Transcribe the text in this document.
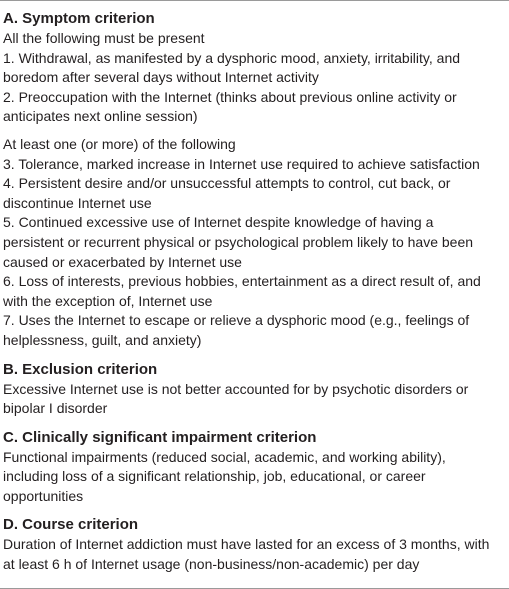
A. Symptom criterion

All the following must be present

1. Withdrawal, as manifested by a dysphoric mood, anxiety, irritability, and

boredom after several days without Internet activity

2. Preoccupation with the Internet (thinks about previous online activity or

anticipates next online session)

At least one (or more) of the following

3. Tolerance, marked increase in Internet use required to achieve satisfaction

4. Persistent desire and/or unsuccessful attempts to control, cut back, or

discontinue Internet use

5. Continued excessive use of Internet despite knowledge of having a

persistent or recurrent physical or psychological problem likely to have been

caused or exacerbated by Internet use

6. Loss of interests, previous hobbies, entertainment as a direct result of, and

with the exception of, Internet use

7. Uses the Internet to escape or relieve a dysphoric mood (e.g., feelings of

helplessness, guilt, and anxiety)

B. Exclusion criterion

Excessive Internet use is not better accounted for by psychotic disorders or

bipolar I disorder

C. Clinically significant impairment criterion

Functional impairments (reduced social, academic, and working ability),

including loss of a significant relationship, job, educational, or career

opportunities

D. Course criterion

Duration of Internet addiction must have lasted for an excess of 3 months, with

at least 6 h of Internet usage (non-business/non-academic) per day
